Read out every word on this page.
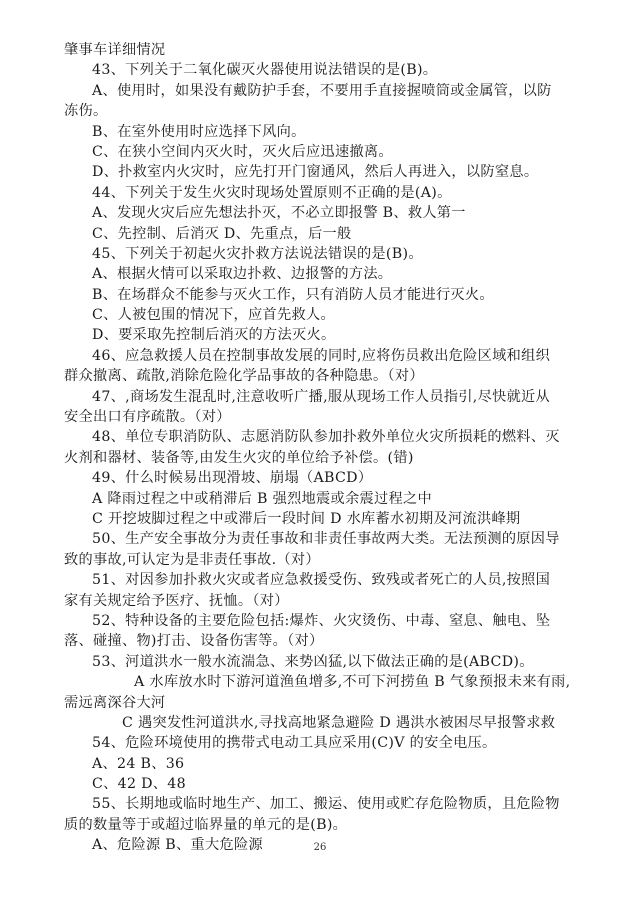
肇事车详细情况
43、下列关于二氧化碳灭火器使用说法错误的是(B)。
A、使用时，如果没有戴防护手套，不要用手直接握喷筒或金属管，以防
冻伤。
B、在室外使用时应选择下风向。
C、在狭小空间内灭火时，灭火后应迅速撤离。
D、扑救室内火灾时，应先打开门窗通风，然后人再进入，以防窒息。
44、下列关于发生火灾时现场处置原则不正确的是(A)。
A、发现火灾后应先想法扑灭，不必立即报警 B、救人第一
C、先控制、后消灭 D、先重点，后一般
45、下列关于初起火灾扑救方法说法错误的是(B)。
A、根据火情可以采取边扑救、边报警的方法。
B、在场群众不能参与灭火工作，只有消防人员才能进行灭火。
C、人被包围的情况下，应首先救人。
D、要采取先控制后消灭的方法灭火。
46、应急救援人员在控制事故发展的同时,应将伤员救出危险区域和组织
群众撤离、疏散,消除危险化学品事故的各种隐患。（对）
47、,商场发生混乱时,注意收听广播,服从现场工作人员指引,尽快就近从
安全出口有序疏散。（对）
48、单位专职消防队、志愿消防队参加扑救外单位火灾所损耗的燃料、灭
火剂和器材、装备等,由发生火灾的单位给予补偿。(错)
49、什么时候易出现滑坡、崩塌（ABCD）
A 降雨过程之中或稍滞后 B 强烈地震或余震过程之中
C 开挖坡脚过程之中或滞后一段时间 D 水库蓄水初期及河流洪峰期
50、生产安全事故分为责任事故和非责任事故两大类。无法预测的原因导
致的事故,可认定为是非责任事故.（对）
51、对因参加扑救火灾或者应急救援受伤、致残或者死亡的人员,按照国
家有关规定给予医疗、抚恤。（对）
52、特种设备的主要危险包括:爆炸、火灾烫伤、中毒、窒息、触电、坠
落、碰撞、物)打击、设备伤害等。（对）
53、河道洪水一般水流湍急、来势凶猛,以下做法正确的是(ABCD)。
A 水库放水时下游河道渔鱼增多,不可下河捞鱼 B 气象预报未来有雨,
需远离深谷大河
C 遇突发性河道洪水,寻找高地紧急避险 D 遇洪水被困尽早报警求救
54、危险环境使用的携带式电动工具应采用(C)V 的安全电压。
A、24 B、36
C、42 D、48
55、长期地或临时地生产、加工、搬运、使用或贮存危险物质，且危险物
质的数量等于或超过临界量的单元的是(B)。
A、危险源 B、重大危险源	26
